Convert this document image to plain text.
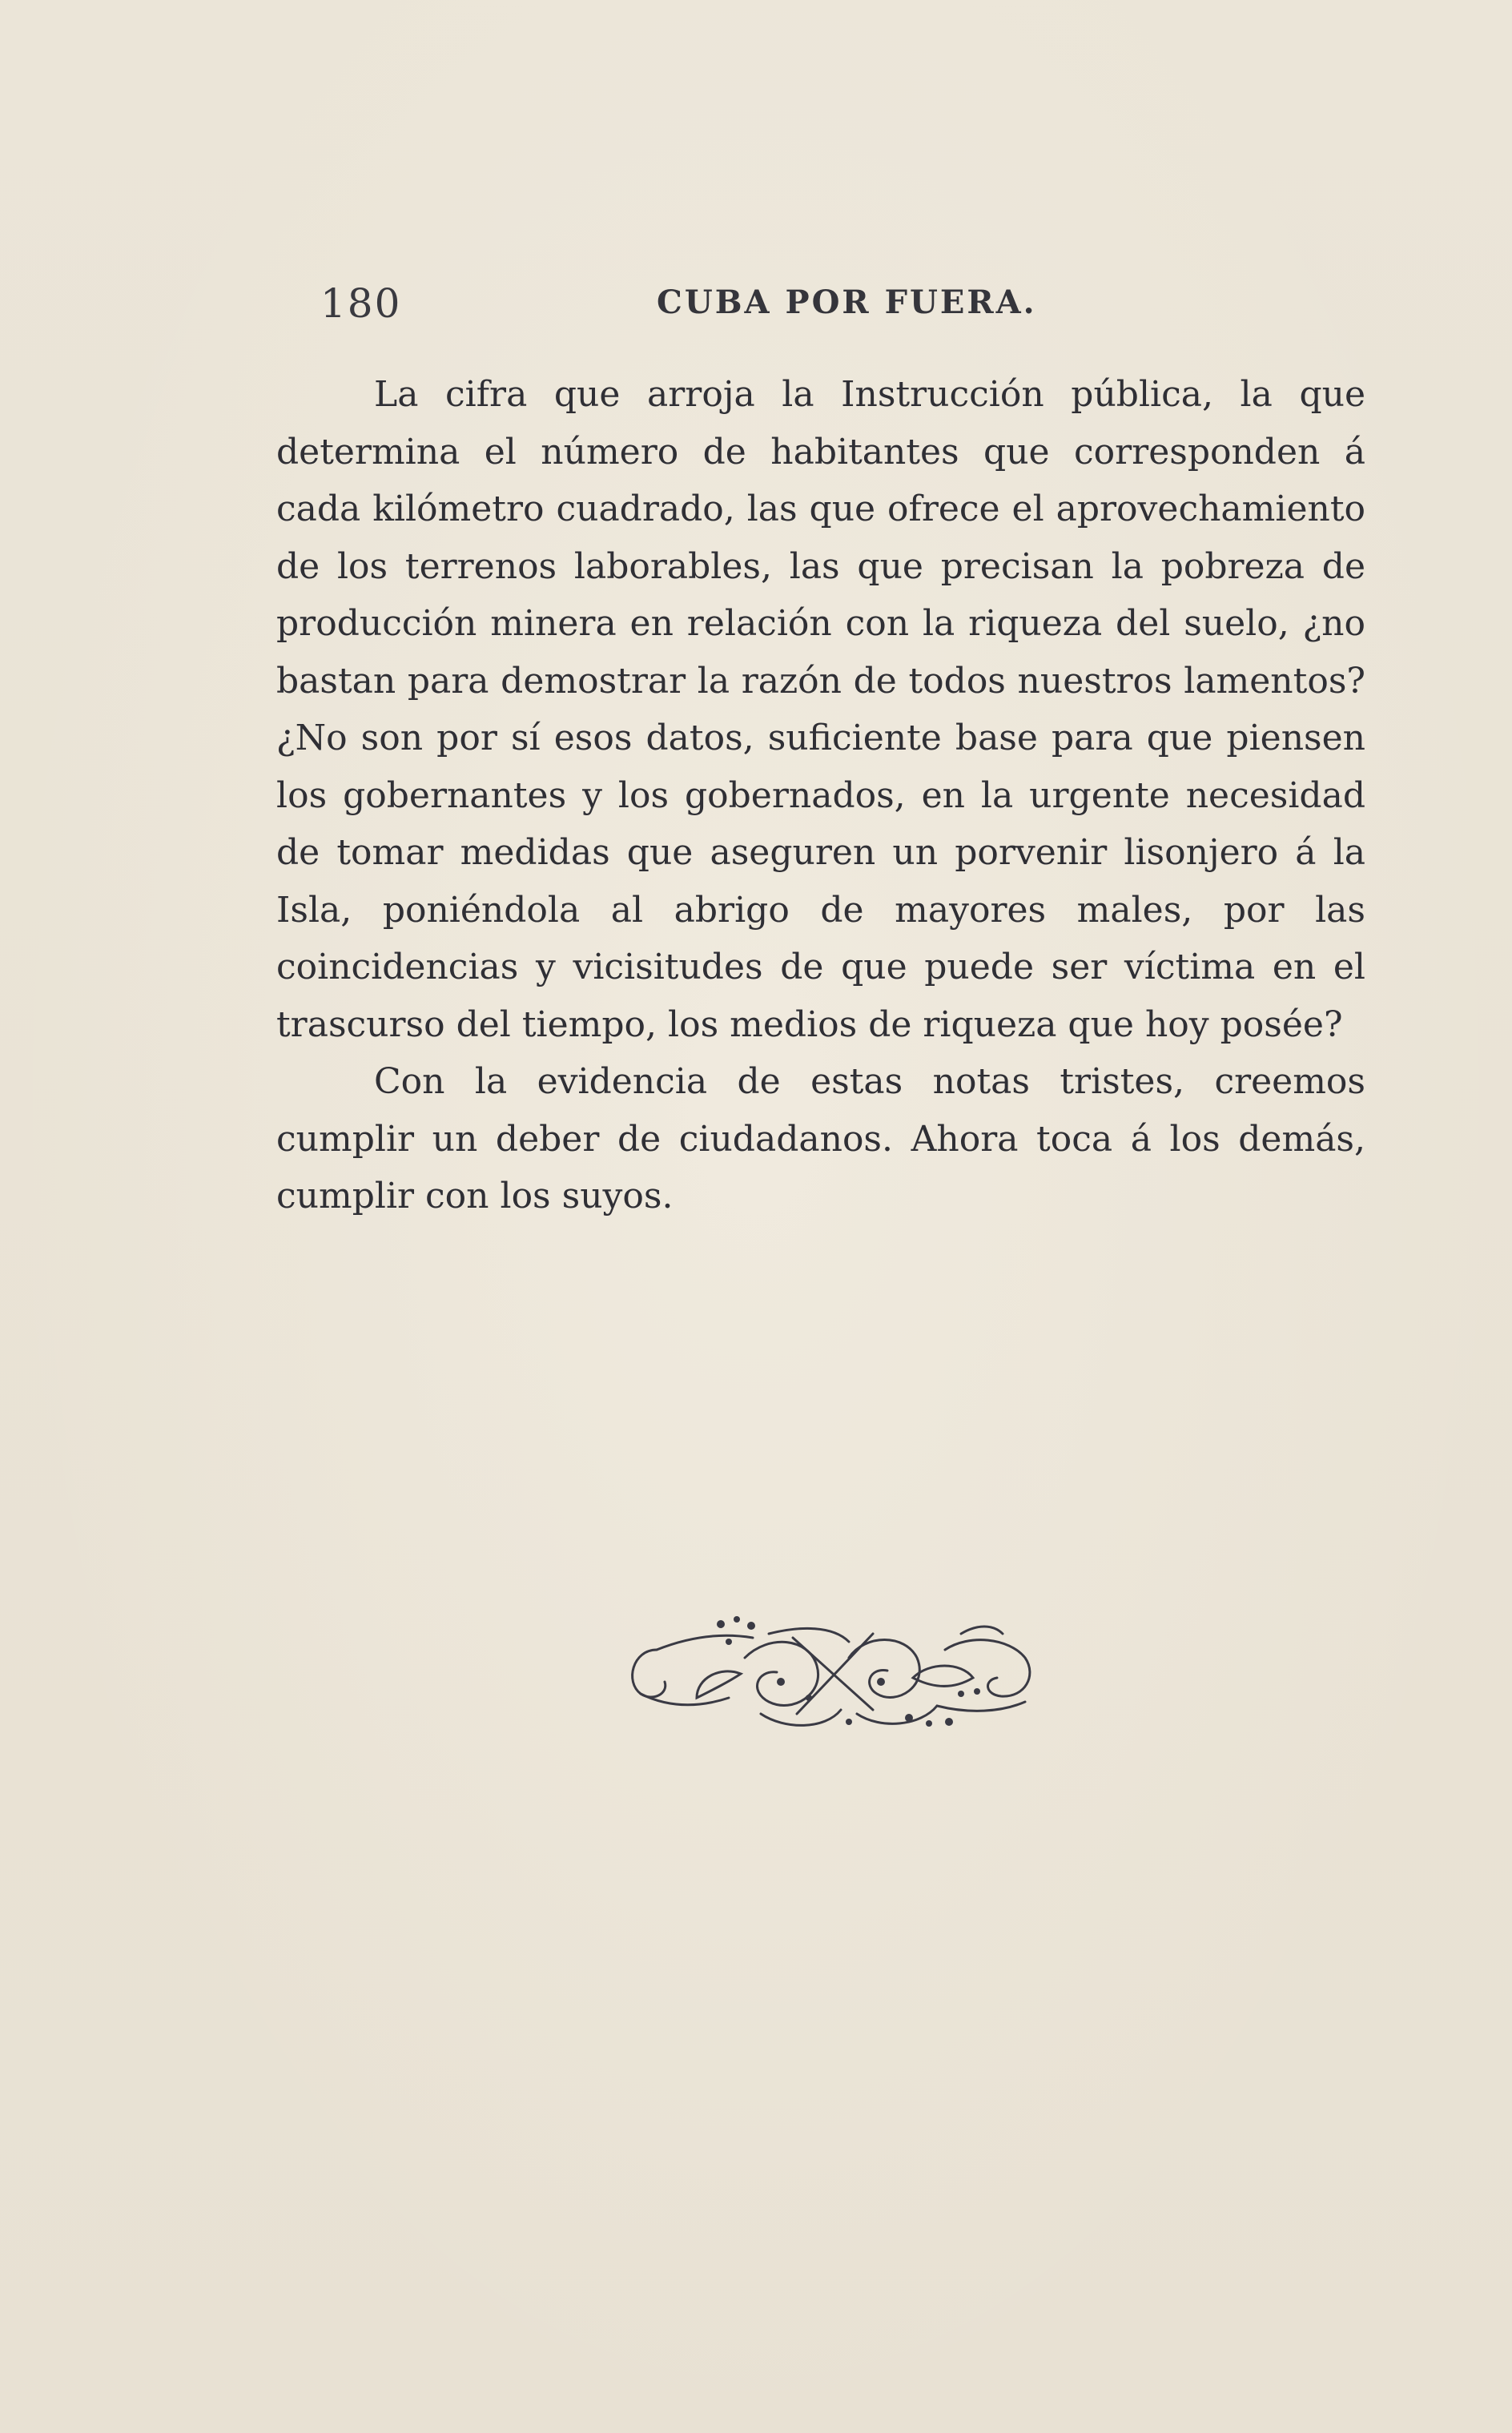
180	CUBA POR FUERA.

La cifra que arroja la Instrucción pública, la que determina el número de habitantes que corresponden á cada kilómetro cuadrado, las que ofrece el aprovechamiento de los terrenos laborables, las que precisan la pobreza de producción minera en relación con la riqueza del suelo, ¿no bastan para demostrar la razón de todos nuestros lamentos? ¿No son por sí esos datos, suficiente base para que piensen los gobernantes y los gobernados, en la urgente necesidad de tomar medidas que aseguren un porvenir lisonjero á la Isla, poniéndola al abrigo de mayores males, por las coincidencias y vicisitudes de que puede ser víctima en el trascurso del tiempo, los medios de riqueza que hoy posée?

Con la evidencia de estas notas tristes, creemos cumplir un deber de ciudadanos. Ahora toca á los demás, cumplir con los suyos.
